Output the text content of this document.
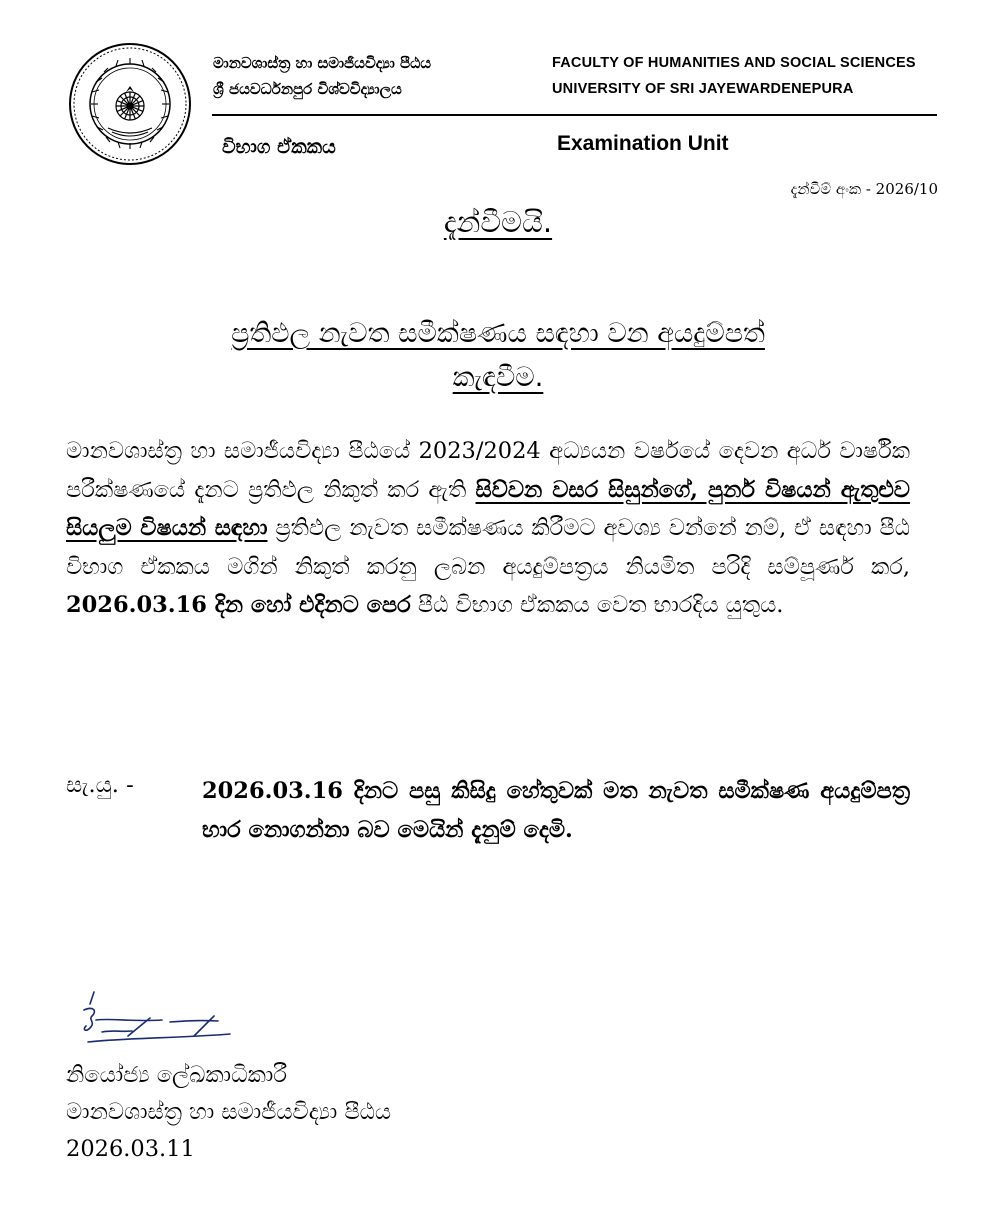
මානවශාස්ත්‍ර හා සමාජීයවිද්‍යා පීඨය
ශ්‍රී ජයවර්ධනපුර විශ්වවිද්‍යාලය
FACULTY OF HUMANITIES AND SOCIAL SCIENCES
UNIVERSITY OF SRI JAYEWARDENEPURA
විභාග ඒකකය	Examination Unit
දැන්වීම් අංක - 2026/10
දැන්වීමයි.
ප්‍රතිඵල නැවත සමීක්ෂණය සඳහා වන අයදුම්පත්
කැඳවීම.
මානවශාස්ත්‍ර හා සමාජීයවිද්‍යා පීඨයේ 2023/2024 අධ්‍යයන වර්ෂයේ දෙවන අර්ධ වාර්ෂික පරීක්ෂණයේ දැනට ප්‍රතිඵල නිකුත් කර ඇති සිව්වන වසර සිසුන්ගේ, පුනර් විෂයන් ඇතුළුව සියලුම විෂයන් සඳහා ප්‍රතිඵල නැවත සමීක්ෂණය කිරීමට අවශ්‍ය වන්නේ නම්, ඒ සඳහා පීඨ විභාග ඒකකය මගින් නිකුත් කරනු ලබන අයදුම්පත්‍රය නියමිත පරිදි සම්පූර්ණ කර, 2026.03.16 දින හෝ එදිනට පෙර පීඨ විභාග ඒකකය වෙත භාරදිය යුතුය.
සැ.යු. -	2026.03.16 දිනට පසු කිසිදු හේතුවක් මත නැවත සමීක්ෂණ අයදුම්පත්‍ර භාර නොගන්නා බව මෙයින් දැනුම් දෙමි.
නියෝජ්‍ය ලේඛකාධිකාරී
මානවශාස්ත්‍ර හා සමාජීයවිද්‍යා පීඨය
2026.03.11
